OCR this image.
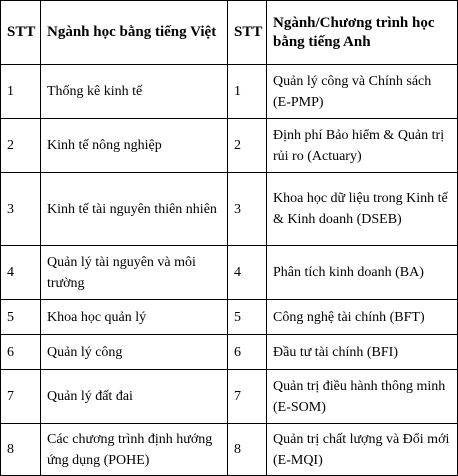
STT	Ngành học bằng tiếng Việt	STT	Ngành/Chương trình học bằng tiếng Anh
1	Thống kê kinh tế	1	Quản lý công và Chính sách (E-PMP)
2	Kinh tế nông nghiệp	2	Định phí Bảo hiểm & Quản trị rủi ro (Actuary)
3	Kinh tế tài nguyên thiên nhiên	3	Khoa học dữ liệu trong Kinh tế & Kinh doanh (DSEB)
4	Quản lý tài nguyên và môi trường	4	Phân tích kinh doanh (BA)
5	Khoa học quản lý	5	Công nghệ tài chính (BFT)
6	Quản lý công	6	Đầu tư tài chính (BFI)
7	Quản lý đất đai	7	Quản trị điều hành thông minh (E-SOM)
8	Các chương trình định hướng ứng dụng (POHE)	8	Quản trị chất lượng và Đổi mới (E-MQI)
